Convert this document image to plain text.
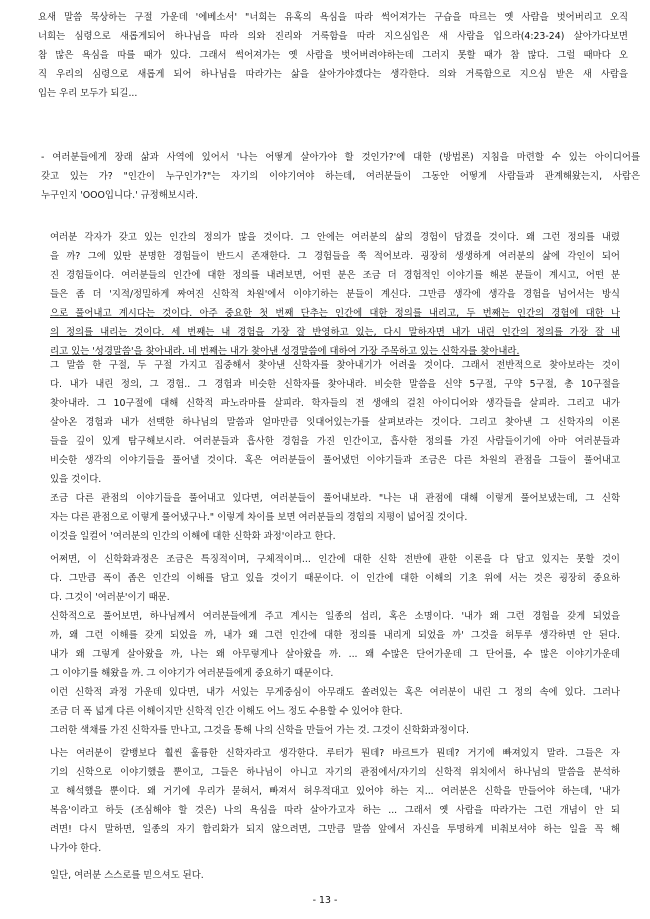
요새 말씀 묵상하는 구절 가운데 '에베소서' "너희는 유혹의 욕심을 따라 썩어져가는 구습을 따르는 옛 사람을 벗어버리고 오직
너희는 심령으로 새롭게되어 하나님을 따라 의와 진리와 거룩함을 따라 지으심입은 새 사람을 입으라(4:23-24) 살아가다보면
참 많은 욕심을 따를 때가 있다. 그래서 썩어져가는 옛 사람을 벗어버려야하는데 그러지 못할 때가 참 많다. 그럴 때마다 오
직 우리의 심령으로 새롭게 되어 하나님을 따라가는 삶을 살아가야겠다는 생각한다. 의와 거룩함으로 지으심 받은 새 사람을
입는 우리 모두가 되길...
- 여러분들에게 장래 삶과 사역에 있어서 '나는 어떻게 살아가야 할 것인가?'에 대한 (방법론) 지침을 마련할 수 있는 아이디어를
갖고 있는 가? "인간이 누구인가?"는 자기의 이야기여야 하는데, 여러분들이 그동안 어떻게 사람들과 관계해왔는지, 사람은
누구인지 'OOO입니다.' 규정해보시라.
여러분 각자가 갖고 있는 인간의 정의가 많을 것이다. 그 안에는 여러분의 삶의 경험이 담겼을 것이다. 왜 그런 정의를 내렸
을 까? 그에 있딴 분명한 경험들이 반드시 존재한다. 그 경험들을 쭉 적어보라. 굉장히 생생하게 여러분의 삶에 각인이 되어
진 경험들이다. 여러분들의 인간에 대한 정의를 내려보면, 어떤 분은 조금 더 경험적인 이야기를 해본 분들이 계시고, 어떤 분
들은 좀 더 '지적/정밀하게 짜여진 신학적 차원'에서 이야기하는 분들이 계신다. 그만큼 생각에 생각을 경험을 넘어서는 방식
으로 풀어내고 계시다는 것이다. 아주 중요한 첫 번째 단추는 인간에 대한 정의를 내리고, 두 번째는 인간의 경험에 대한 나
의 정의를 내리는 것이다. 세 번째는 내 경험을 가장 잘 반영하고 있는, 다시 말하자면 내가 내린 인간의 정의를 가장 잘 내
리고 있는 '성경말씀'을 찾아내라. 네 번째는 내가 찾아낸 성경말씀에 대하여 가장 주목하고 있는 신학자를 찾아내라.
그 말씀 한 구절, 두 구절 가지고 집중해서 찾아낸 신학자를 찾아내기가 어려울 것이다. 그래서 전반적으로 찾아보라는 것이
다. 내가 내린 정의, 그 경험.. 그 경험과 비슷한 신학자를 찾아내라. 비슷한 말씀을 신약 5구절, 구약 5구절, 총 10구절을
찾아내라. 그 10구절에 대해 신학적 파노라마를 살피라. 학자들의 전 생애의 걸친 아이디어와 생각들을 살피라. 그리고 내가
살아온 경험과 내가 선택한 하나님의 말씀과 얼마만큼 잇대어있는가를 살펴보라는 것이다. 그리고 찾아낸 그 신학자의 이론
들을 깊이 있게 탐구해보시라. 여러분들과 흡사한 경험을 가진 인간이고, 흡사한 정의를 가진 사람들이기에 아마 여러분들과
비슷한 생각의 이야기들을 풀어낼 것이다. 혹은 여러분들이 풀어냈던 이야기들과 조금은 다른 차원의 관점을 그들이 풀어내고
있을 것이다.
조금 다른 관점의 이야기들을 풀어내고 있다면, 여러분들이 풀어내보라. "나는 내 관점에 대해 이렇게 풀어보냈는데, 그 신학
자는 다른 관점으로 이렇게 풀어냈구나." 이렇게 차이를 보면 여러분들의 경험의 지평이 넓어질 것이다.
이것을 일컬어 '여러분의 인간의 이해에 대한 신학화 과정'이라고 한다.
어쩌면, 이 신학화과정은 조금은 특징적이며, 구체적이며... 인간에 대한 신학 전반에 관한 이론을 다 담고 있지는 못할 것이
다. 그만큼 폭이 좁은 인간의 이해를 담고 있을 것이기 때문이다. 이 인간에 대한 이해의 기초 위에 서는 것은 굉장히 중요하
다. 그것이 '여러분'이기 때문.
신학적으로 풀어보면, 하나님께서 여러분들에게 주고 계시는 일종의 섭리, 혹은 소명이다. '내가 왜 그런 경험을 갖게 되었을
까, 왜 그런 이해를 갖게 되었을 까, 내가 왜 그런 인간에 대한 정의를 내리게 되었을 까' 그것을 허투루 생각하면 안 된다.
내가 왜 그렇게 살아왔을 까, 나는 왜 아무렇게나 살아왔을 까. ... 왜 수많은 단어가운데 그 단어를, 수 많은 이야기가운데
그 이야기를 해왔을 까. 그 이야기가 여러분들에게 중요하기 때문이다.
이런 신학적 과정 가운데 있다면, 내가 서있는 무게중심이 아무래도 쏠려있는 혹은 여러분이 내린 그 정의 속에 있다. 그러나
조금 더 폭 넓게 다른 이해이지만 신학적 인간 이해도 어느 정도 수용할 수 있어야 한다.
그러한 색채를 가진 신학자를 만나고, 그것을 통해 나의 신학을 만들어 가는 것. 그것이 신학화과정이다.
나는 여러분이 칼뱅보다 훨씬 훌륭한 신학자라고 생각한다. 루터가 뭔데? 바르트가 뭔데? 거기에 빠져있지 말라. 그들은 자
기의 신학으로 이야기했을 뿐이고, 그들은 하나님이 아니고 자기의 관점에서/자기의 신학적 위치에서 하나님의 말씀을 분석하
고 해석했을 뿐이다. 왜 거기에 우리가 묻혀서, 빠져서 허우적대고 있어야 하는 지... 여러분은 신학을 만들어야 하는데, '내가
복음'이라고 하듯 (조심해야 할 것은) 나의 욕심을 따라 살아가고자 하는 ... 그래서 옛 사람을 따라가는 그런 개념이 안 되
려면! 다시 말하면, 일종의 자기 합리화가 되지 않으려면, 그만큼 말씀 앞에서 자신을 투명하게 비춰보셔야 하는 일을 꼭 해
나가야 한다.
일단, 여러분 스스로를 믿으셔도 된다.
- 13 -
